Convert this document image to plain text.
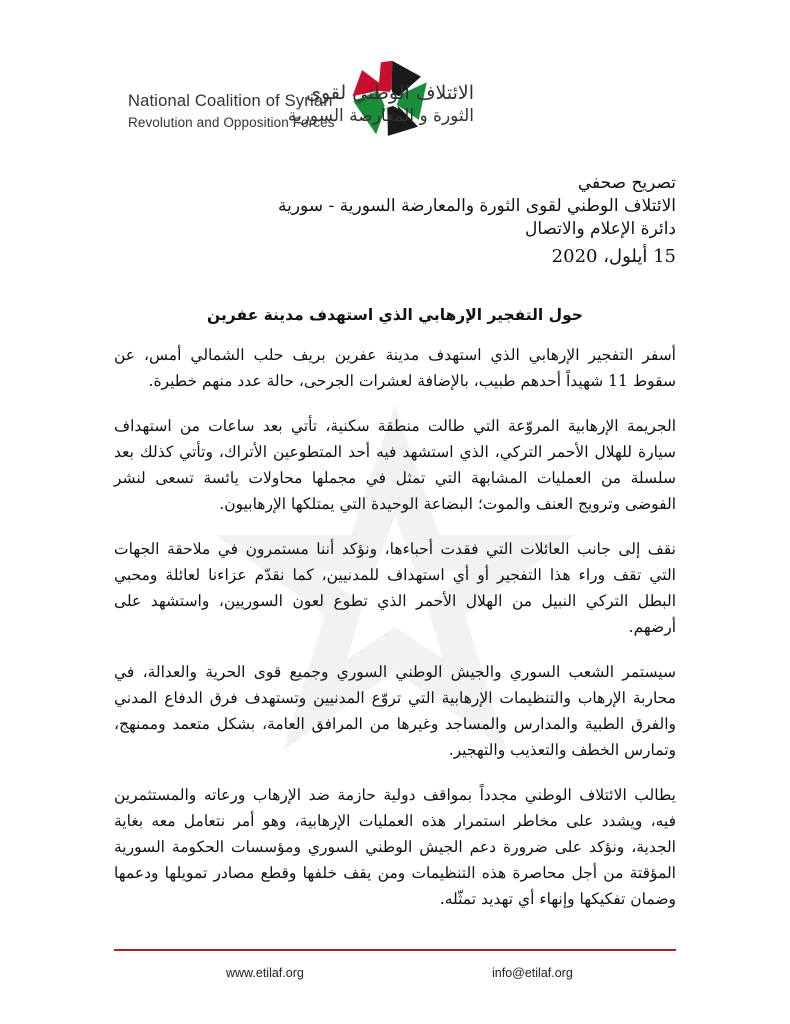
National Coalition of Syrian
Revolution and Opposition Forces
الائتلاف الوطني لقوى
الثورة و المعارضة السورية
تصريح صحفي
الائتلاف الوطني لقوى الثورة والمعارضة السورية - سورية
دائرة الإعلام والاتصال
15 أيلول، 2020
حول التفجير الإرهابي الذي استهدف مدينة عفرين

أسفر التفجير الإرهابي الذي استهدف مدينة عفرين بريف حلب الشمالي أمس، عن سقوط 11 شهيداً أحدهم طبيب، بالإضافة لعشرات الجرحى، حالة عدد منهم خطيرة.

الجريمة الإرهابية المروّعة التي طالت منطقة سكنية، تأتي بعد ساعات من استهداف سيارة للهلال الأحمر التركي، الذي استشهد فيه أحد المتطوعين الأتراك، وتأتي كذلك بعد سلسلة من العمليات المشابهة التي تمثل في مجملها محاولات يائسة تسعى لنشر الفوضى وترويج العنف والموت؛ البضاعة الوحيدة التي يمتلكها الإرهابيون.

نقف إلى جانب العائلات التي فقدت أحباءها، ونؤكد أننا مستمرون في ملاحقة الجهات التي تقف وراء هذا التفجير أو أي استهداف للمدنيين، كما نقدّم عزاءنا لعائلة ومحبي البطل التركي النبيل من الهلال الأحمر الذي تطوع لعون السوريين، واستشهد على أرضهم.

سيستمر الشعب السوري والجيش الوطني السوري وجميع قوى الحرية والعدالة، في محاربة الإرهاب والتنظيمات الإرهابية التي تروّع المدنيين وتستهدف فرق الدفاع المدني والفرق الطبية والمدارس والمساجد وغيرها من المرافق العامة، بشكل متعمد وممنهج، وتمارس الخطف والتعذيب والتهجير.

يطالب الائتلاف الوطني مجدداً بمواقف دولية حازمة ضد الإرهاب ورعاته والمستثمرين فيه، ويشدد على مخاطر استمرار هذه العمليات الإرهابية، وهو أمر نتعامل معه بغاية الجدية، ونؤكد على ضرورة دعم الجيش الوطني السوري ومؤسسات الحكومة السورية المؤقتة من أجل محاصرة هذه التنظيمات ومن يقف خلفها وقطع مصادر تمويلها ودعمها وضمان تفكيكها وإنهاء أي تهديد تمثّله.

www.etilaf.org	info@etilaf.org
